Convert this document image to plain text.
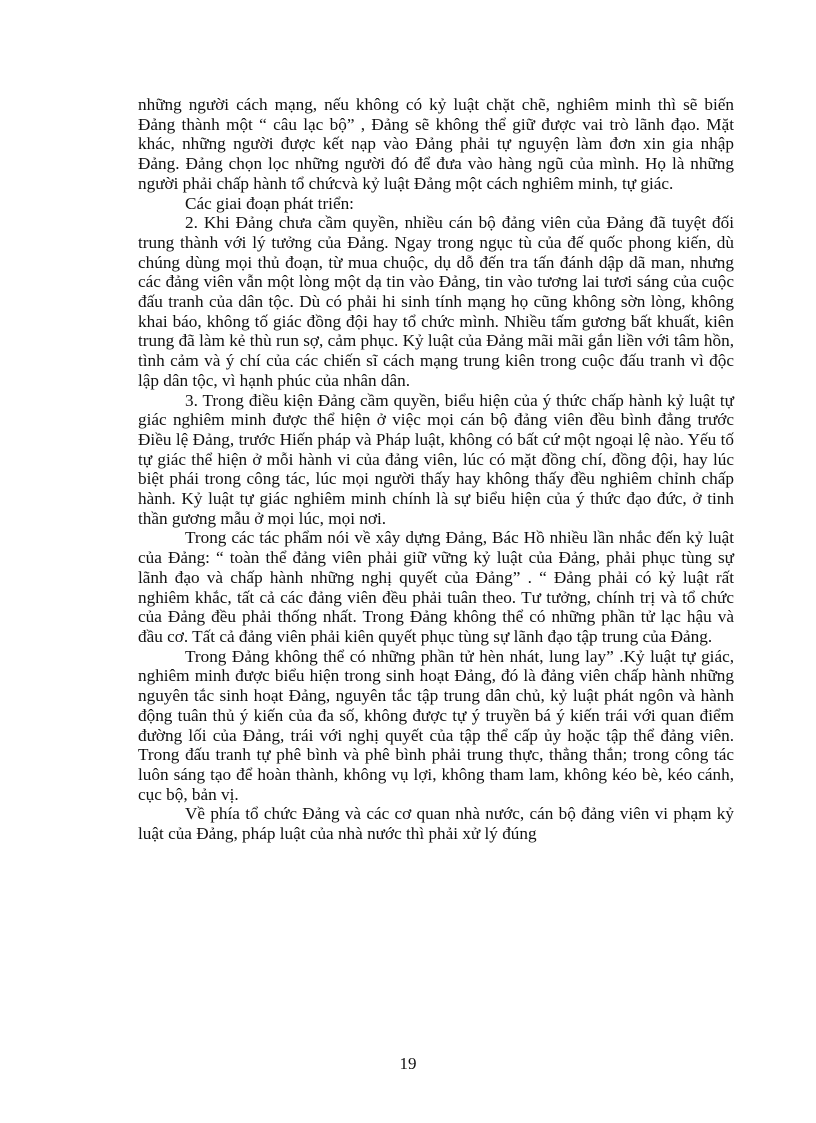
những người cách mạng, nếu không có kỷ luật chặt chẽ, nghiêm minh thì sẽ biến Đảng thành một “ câu lạc bộ” , Đảng sẽ không thể giữ được vai trò lãnh đạo. Mặt khác, những người được kết nạp vào Đảng phải tự nguyện làm đơn xin gia nhập Đảng. Đảng chọn lọc những người đó để đưa vào hàng ngũ của mình. Họ là những người phải chấp hành tổ chứcvà kỷ luật Đảng một cách nghiêm minh, tự giác.

Các giai đoạn phát triển:

2. Khi Đảng chưa cầm quyền, nhiều cán bộ đảng viên của Đảng đã tuyệt đối trung thành với lý tưởng của Đảng. Ngay trong ngục tù của đế quốc phong kiến, dù chúng dùng mọi thủ đoạn, từ mua chuộc, dụ dỗ đến tra tấn đánh dập dã man, nhưng các đảng viên vẫn một lòng một dạ tin vào Đảng, tin vào tương lai tươi sáng của cuộc đấu tranh của dân tộc. Dù có phải hi sinh tính mạng họ cũng không sờn lòng, không khai báo, không tố giác đồng đội hay tổ chức mình. Nhiều tấm gương bất khuất, kiên trung đã làm kẻ thù run sợ, cảm phục. Kỷ luật của Đảng mãi mãi gắn liền với tâm hồn, tình cảm và ý chí của các chiến sĩ cách mạng trung kiên trong cuộc đấu tranh vì độc lập dân tộc, vì hạnh phúc của nhân dân.

3. Trong điều kiện Đảng cầm quyền, biểu hiện của ý thức chấp hành kỷ luật tự giác nghiêm minh được thể hiện ở việc mọi cán bộ đảng viên đều bình đẳng trước Điều lệ Đảng, trước Hiến pháp và Pháp luật, không có bất cứ một ngoại lệ nào. Yếu tố tự giác thể hiện ở mỗi hành vi của đảng viên, lúc có mặt đồng chí, đồng đội, hay lúc biệt phái trong công tác, lúc mọi người thấy hay không thấy đều nghiêm chỉnh chấp hành. Kỷ luật tự giác nghiêm minh chính là sự biểu hiện của ý thức đạo đức, ở tinh thần gương mẫu ở mọi lúc, mọi nơi.

Trong các tác phẩm nói về xây dựng Đảng, Bác Hồ nhiều lần nhắc đến kỷ luật của Đảng: “ toàn thể đảng viên phải giữ vững kỷ luật của Đảng, phải phục tùng sự lãnh đạo và chấp hành những nghị quyết của Đảng” . “ Đảng phải có kỷ luật rất nghiêm khắc, tất cả các đảng viên đều phải tuân theo. Tư tưởng, chính trị và tổ chức của Đảng đều phải thống nhất. Trong Đảng không thể có những phần tử lạc hậu và đầu cơ. Tất cả đảng viên phải kiên quyết phục tùng sự lãnh đạo tập trung của Đảng.

Trong Đảng không thể có những phần tử hèn nhát, lung lay” .Kỷ luật tự giác, nghiêm minh được biểu hiện trong sinh hoạt Đảng, đó là đảng viên chấp hành những nguyên tắc sinh hoạt Đảng, nguyên tắc tập trung dân chủ, kỷ luật phát ngôn và hành động tuân thủ ý kiến của đa số, không được tự ý truyền bá ý kiến trái với quan điểm đường lối của Đảng, trái với nghị quyết của tập thể cấp ủy hoặc tập thể đảng viên. Trong đấu tranh tự phê bình và phê bình phải trung thực, thẳng thắn; trong công tác luôn sáng tạo để hoàn thành, không vụ lợi, không tham lam, không kéo bè, kéo cánh, cục bộ, bản vị.

Về phía tổ chức Đảng và các cơ quan nhà nước, cán bộ đảng viên vi phạm kỷ luật của Đảng, pháp luật của nhà nước thì phải xử lý đúng

19
